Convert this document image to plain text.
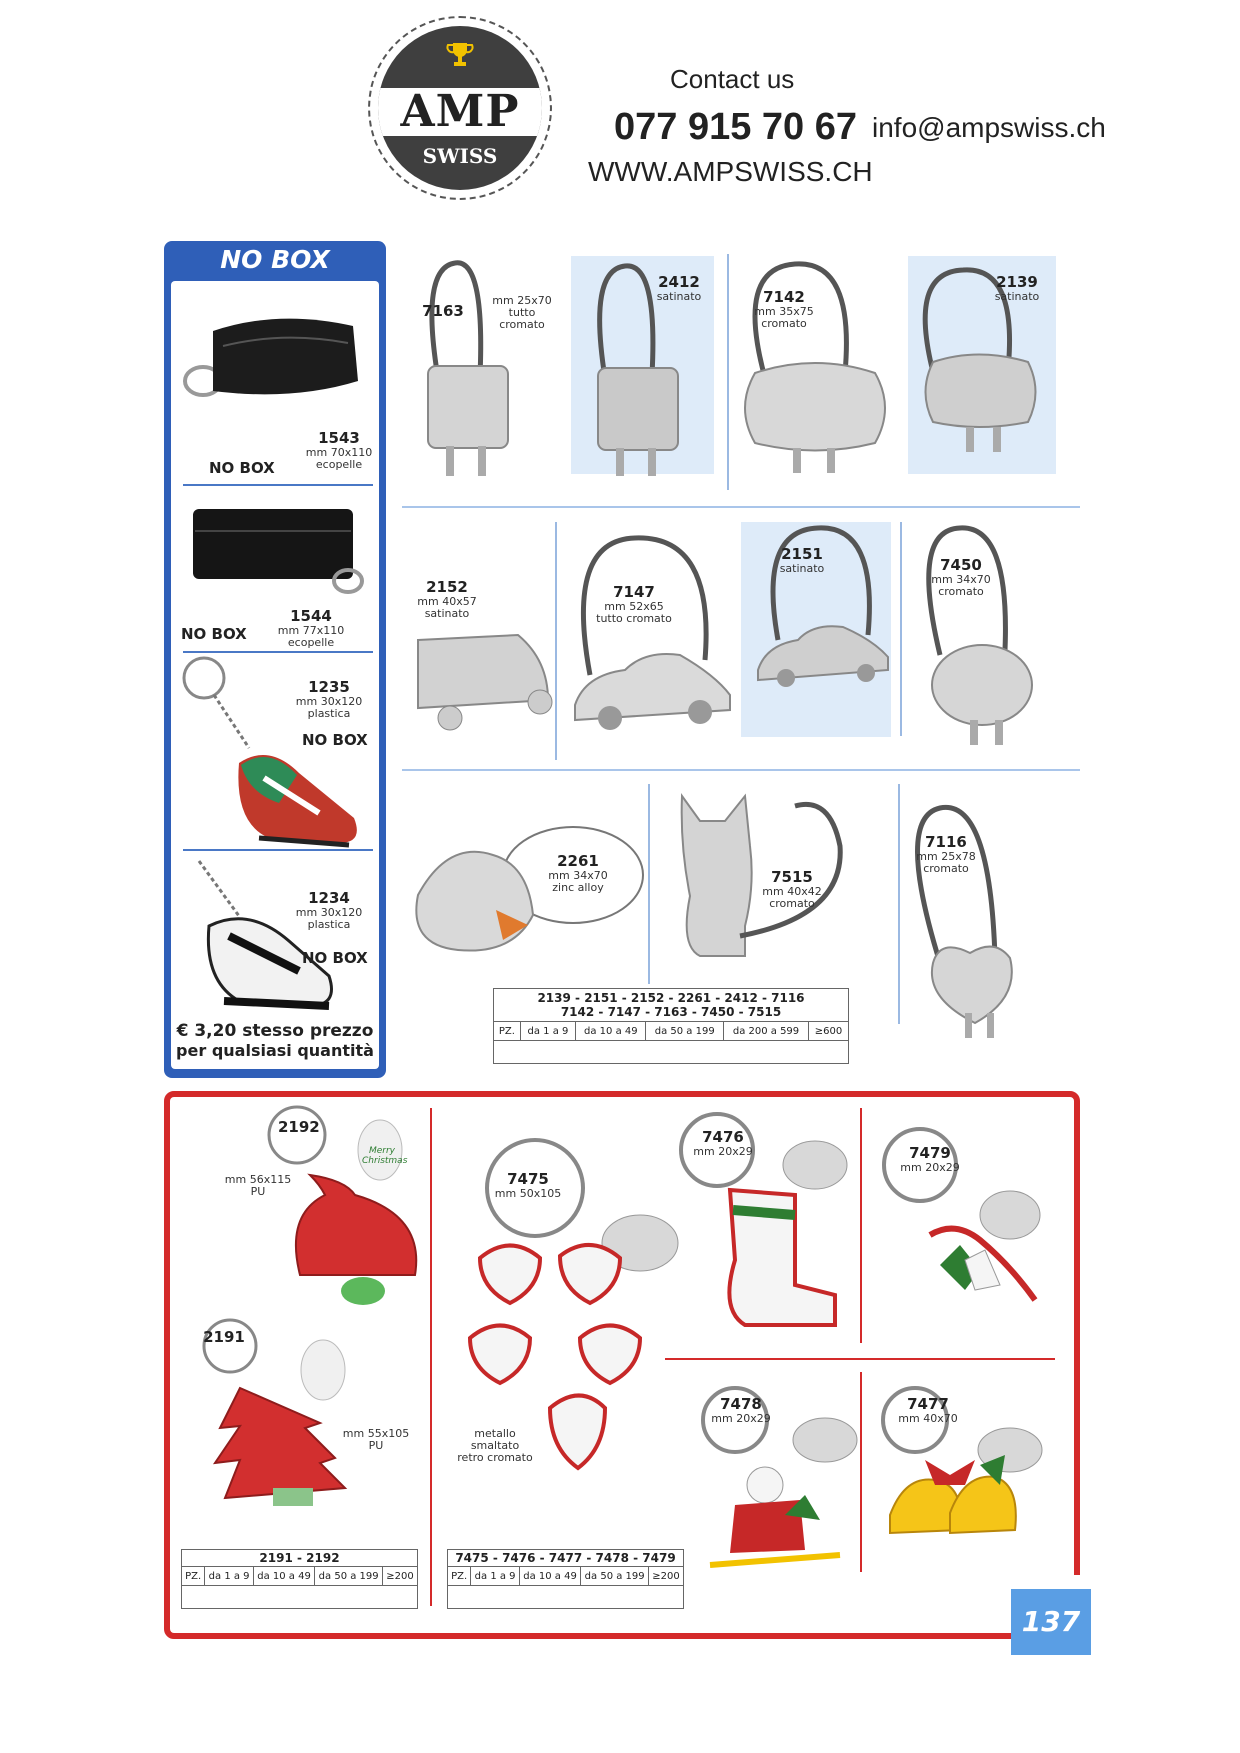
AMP
SWISS
Contact us
077 915 70 67 info@ampswiss.ch
WWW.AMPSWISS.CH
NO BOX
1543
mm 70x110
ecopelle
NO BOX
1544
mm 77x110
ecopelle
NO BOX
1235
mm 30x120
plastica
NO BOX
1234
mm 30x120
plastica
NO BOX
€ 3,20 stesso prezzo
per qualsiasi quantità
7163
mm 25x70
tutto
cromato
2412
satinato	7142
mm 35x75
cromato
2139
satinato
2152
mm 40x57
satinato
7147
mm 52x65
tutto cromato
2151
satinato	7450
mm 34x70
cromato
2261
mm 34x70
zinc alloy
7515
mm 40x42
cromato
7116
mm 25x78
cromato
2139 - 2151 - 2152 - 2261 - 2412 - 7116
7142 - 7147 - 7163 - 7450 - 7515
PZ.	da 1 a 9	da 10 a 49	da 50 a 199	da 200 a 599	≥600

137
2192
mm 56x115
PU
Merry Christmas
2191
mm 55x105
PU
7475
mm 50x105
metallo
smaltato
retro cromato
7476
mm 20x29	7479
mm 20x29
7478
mm 20x29
7477
mm 40x70
2191 - 2192
PZ.	da 1 a 9	da 10 a 49	da 50 a 199	≥200

7475 - 7476 - 7477 - 7478 - 7479
PZ.	da 1 a 9	da 10 a 49	da 50 a 199	≥200
